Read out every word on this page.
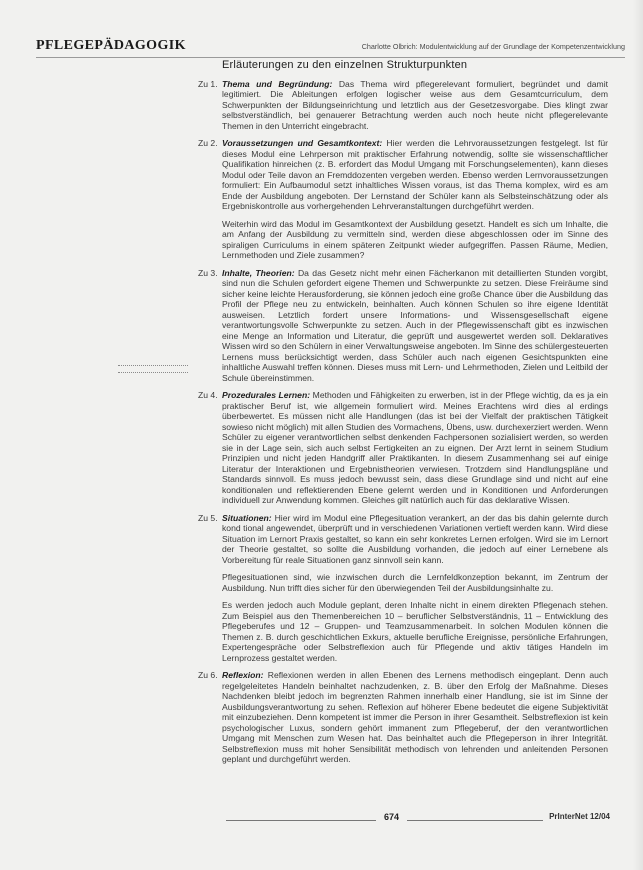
PFLEGEPÄDAGOGIK	Charlotte Olbrich: Modulentwicklung auf der Grundlage der Kompetenzentwicklung
Erläuterungen zu den einzelnen Strukturpunkten
Zu 1. Thema und Begründung: Das Thema wird pflegerelevant formuliert, begründet und damit legitimiert. Die Ableitungen erfolgen logischer weise aus dem Gesamtcurriculum, dem Schwerpunkten der Bildungseinrichtung und letztlich aus der Gesetzesvorgabe. Dies klingt zwar selbstverständlich, bei genauerer Betrachtung werden auch noch heute nicht pflegerelevante Themen in den Unterricht eingebracht.
Zu 2. Voraussetzungen und Gesamtkontext: Hier werden die Lehrvoraussetzungen festgelegt. Ist für dieses Modul eine Lehrperson mit praktischer Erfahrung notwendig, sollte sie wissenschaftlicher Qualifikation hinreichen (z. B. erfordert das Modul Umgang mit Forschungselementen), kann dieses Modul oder Teile davon an Fremddozenten vergeben werden. Ebenso werden Lernvoraussetzungen formuliert: Ein Aufbaumodul setzt inhaltliches Wissen voraus, ist das Thema komplex, wird es am Ende der Ausbildung angeboten. Der Lernstand der Schüler kann als Selbsteinschätzung oder als Ergebniskontrolle aus vorhergehenden Lehrveranstaltungen durchgeführt werden.
Weiterhin wird das Modul im Gesamtkontext der Ausbildung gesetzt. Handelt es sich um Inhalte, die am Anfang der Ausbildung zu vermitteln sind, werden diese abgeschlossen oder im Sinne des spiraligen Curriculums in einem späteren Zeitpunkt wieder aufgegriffen. Passen Räume, Medien, Lernmethoden und Ziele zusammen?
Zu 3. Inhalte, Theorien: Da das Gesetz nicht mehr einen Fächerkanon mit detaillierten Stunden vorgibt, sind nun die Schulen gefordert eigene Themen und Schwerpunkte zu setzen. Diese Freiräume sind sicher keine leichte Herausforderung, sie können jedoch eine große Chance über die Ausbildung das Profil der Pflege neu zu entwickeln, beinhalten. Auch können Schulen so ihre eigene Identität ausweisen. Letztlich fordert unsere Informations- und Wissensgesellschaft eigene verantwortungsvolle Schwerpunkte zu setzen. Auch in der Pflegewissenschaft gibt es inzwischen eine Menge an Information und Literatur, die geprüft und ausgewertet werden soll. Deklaratives Wissen wird so den Schülern in einer Verwaltungsweise angeboten. Im Sinne des schülergesteuerten Lernens muss berücksichtigt werden, dass Schüler auch nach eigenen Gesichtspunkten eine inhaltliche Auswahl treffen können. Dieses muss mit Lern- und Lehrmethoden, Zielen und Leitbild der Schule übereinstimmen.
Zu 4. Prozedurales Lernen: Methoden und Fähigkeiten zu erwerben, ist in der Pflege wichtig, da es ja ein praktischer Beruf ist, wie allgemein formuliert wird. Meines Erachtens wird dies al erdings überbewertet. Es müssen nicht alle Handlungen (das ist bei der Vielfalt der praktischen Tätigkeit sowieso nicht möglich) mit allen Studien des Vormachens, Übens, usw. durchexerziert werden. Wenn Schüler zu eigener verantwortlichen selbst denkenden Fachpersonen sozialisiert werden, so werden sie in der Lage sein, sich auch selbst Fertigkeiten an zu eignen. Der Arzt lernt in seinem Studium Prinzipien und nicht jeden Handgriff aller Praktikanten. In diesem Zusammenhang sei auf einige Literatur der Interaktionen und Ergebnistheorien verwiesen. Trotzdem sind Handlungspläne und Standards sinnvoll. Es muss jedoch bewusst sein, dass diese Grundlage sind und nicht auf eine konditionalen und reflektierenden Ebene gelernt werden und in Konditionen und Anforderungen individuell zur Anwendung kommen. Gleiches gilt natürlich auch für das deklarative Wissen.
Zu 5. Situationen: Hier wird im Modul eine Pflegesituation verankert, an der das bis dahin gelernte durch kond tional angewendet, überprüft und in verschiedenen Variationen vertieft werden kann. Wird diese Situation im Lernort Praxis gestaltet, so kann ein sehr konkretes Lernen erfolgen. Wird sie im Lernort der Theorie gestaltet, so sollte die Ausbildung vorhanden, die jedoch auf einer Lernebene als Vorbereitung für reale Situationen ganz sinnvoll sein kann.
Pflegesituationen sind, wie inzwischen durch die Lernfeldkonzeption bekannt, im Zentrum der Ausbildung. Nun trifft dies sicher für den überwiegenden Teil der Ausbildungsinhalte zu.
Es werden jedoch auch Module geplant, deren Inhalte nicht in einem direkten Pflegenach stehen. Zum Beispiel aus den Themenbereichen 10 – beruflicher Selbstverständnis, 11 – Entwicklung des Pflegeberufes und 12 – Gruppen- und Teamzusammenarbeit. In solchen Modulen können die Themen z. B. durch geschichtlichen Exkurs, aktuelle berufliche Ereignisse, persönliche Erfahrungen, Expertengespräche oder Selbstreflexion auch für Pflegende und aktiv tätiges Handeln im Lernprozess gestaltet werden.
Zu 6. Reflexion: Reflexionen werden in allen Ebenen des Lernens methodisch eingeplant. Denn auch regelgeleitetes Handeln beinhaltet nachzudenken, z. B. über den Erfolg der Maßnahme. Dieses Nachdenken bleibt jedoch im begrenzten Rahmen innerhalb einer Handlung, sie ist im Sinne der Ausbildungsverantwortung zu sehen. Reflexion auf höherer Ebene bedeutet die eigene Subjektivität mit einzubeziehen. Denn kompetent ist immer die Person in ihrer Gesamtheit. Selbstreflexion ist kein psychologischer Luxus, sondern gehört immanent zum Pflegeberuf, der den verantwortlichen Umgang mit Menschen zum Wesen hat. Das beinhaltet auch die Pflegeperson in ihrer Integrität. Selbstreflexion muss mit hoher Sensibilität methodisch von lehrenden und anleitenden Personen geplant und durchgeführt werden.
674	PrInterNet 12/04
